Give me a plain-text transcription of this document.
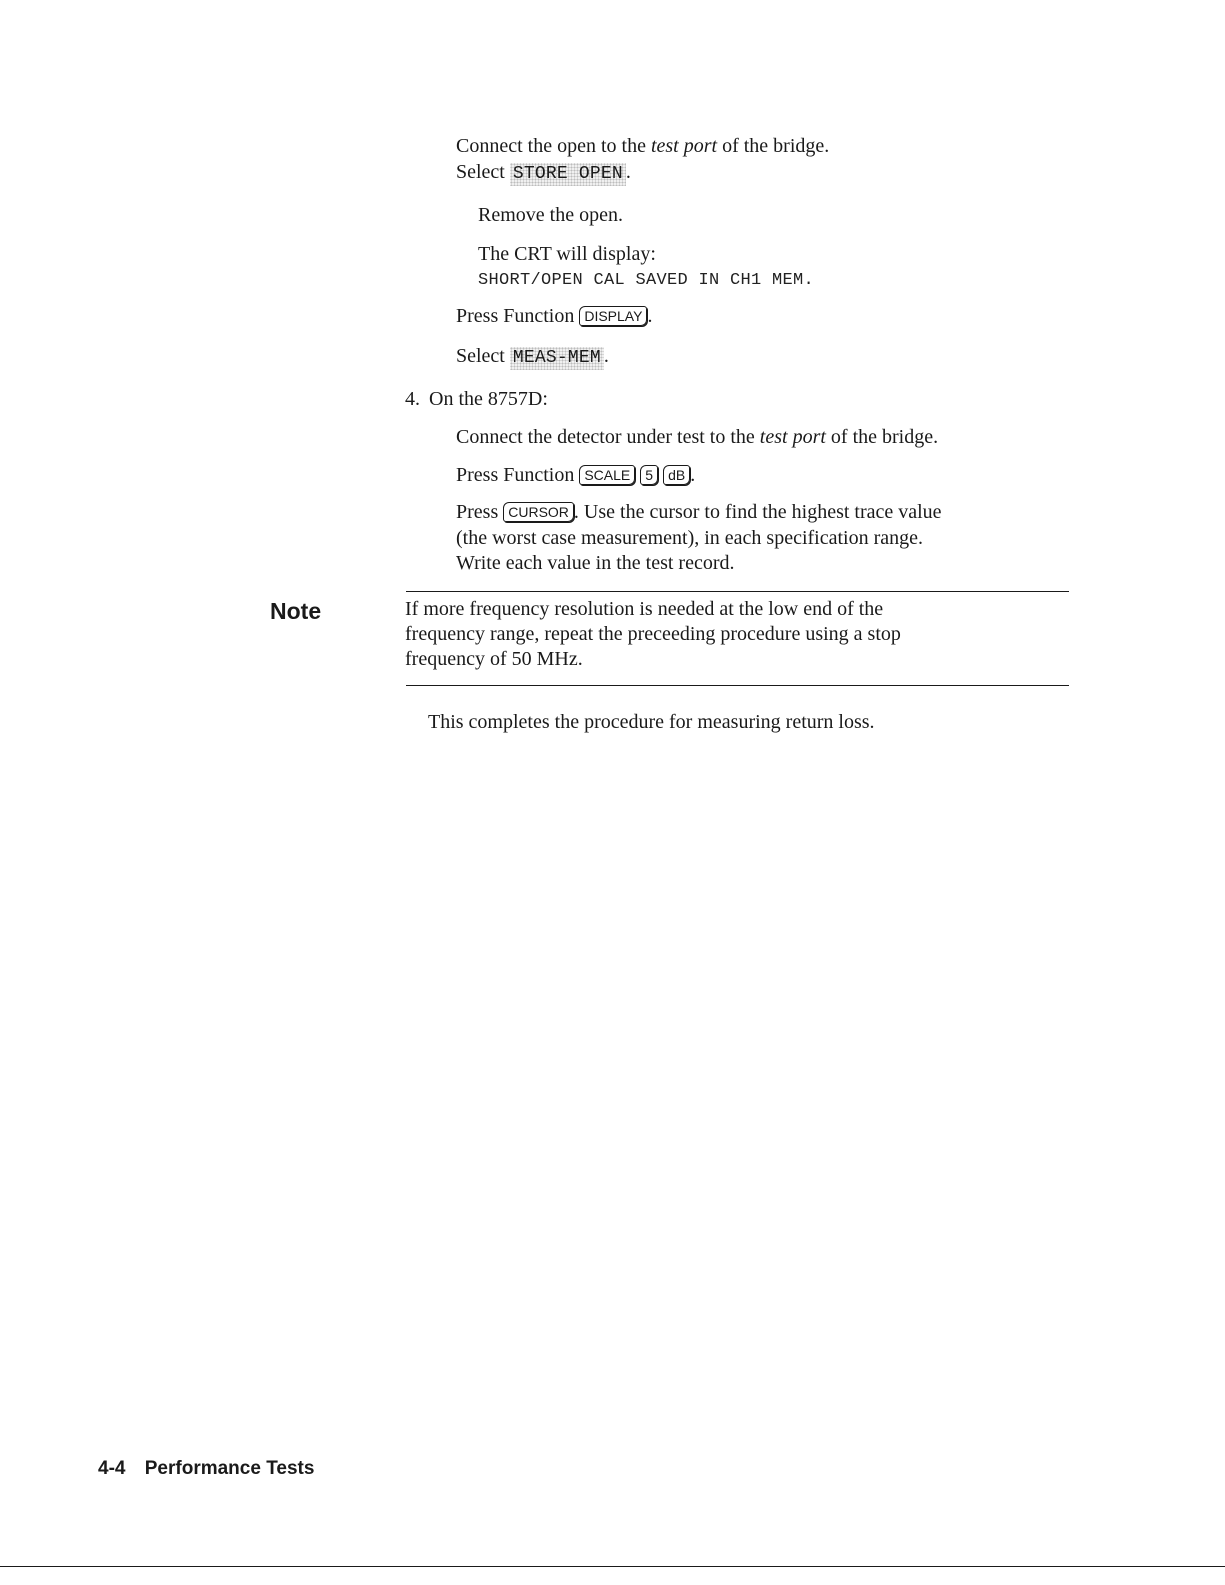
Connect the open to the test port of the bridge.
Select STORE OPEN .
Remove the open.
The CRT will display:
SHORT/OPEN CAL SAVED IN CH1 MEM.
Press Function DISPLAY .
Select MEAS-MEM .
4. On the 8757D:
Connect the detector under test to the test port of the bridge.
Press Function SCALE 5 dB .
Press CURSOR . Use the cursor to find the highest trace value
(the worst case measurement), in each specification range.
Write each value in the test record.
Note	If more frequency resolution is needed at the low end of the
frequency range, repeat the preceeding procedure using a stop
frequency of 50 MHz.
This completes the procedure for measuring return loss.
4-4 Performance Tests
